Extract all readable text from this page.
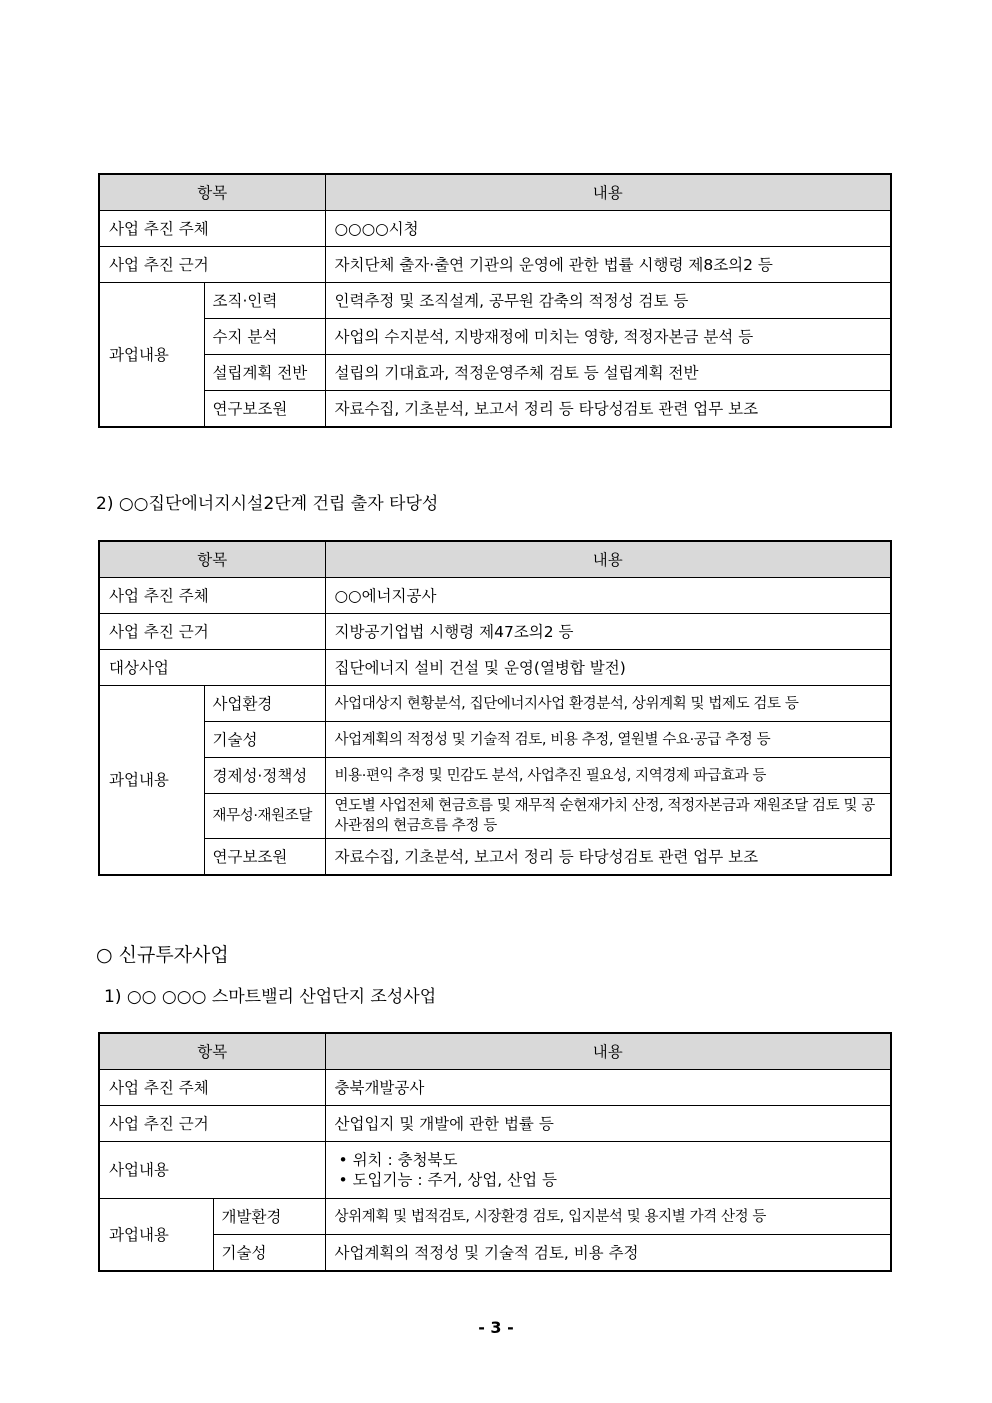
항목		내용
사업 추진 주체		○○○○시청
사업 추진 근거		자치단체 출자·출연 기관의 운영에 관한 법률 시행령 제8조의2 등
과업내용	조직·인력	인력추정 및 조직설계, 공무원 감축의 적정성 검토 등
	수지 분석	사업의 수지분석, 지방재정에 미치는 영향, 적정자본금 분석 등
	설립계획 전반	설립의 기대효과, 적정운영주체 검토 등 설립계획 전반
	연구보조원	자료수집, 기초분석, 보고서 정리 등 타당성검토 관련 업무 보조
2) ○○집단에너지시설2단계 건립 출자 타당성
항목		내용
사업 추진 주체		○○에너지공사
사업 추진 근거		지방공기업법 시행령 제47조의2 등
대상사업		집단에너지 설비 건설 및 운영(열병합 발전)
과업내용	사업환경	사업대상지 현황분석, 집단에너지사업 환경분석, 상위계획 및 법제도 검토 등
	기술성	사업계획의 적정성 및 기술적 검토, 비용 추정, 열원별 수요·공급 추정 등
	경제성·정책성	비용·편익 추정 및 민감도 분석, 사업추진 필요성, 지역경제 파급효과 등
	재무성·재원조달	연도별 사업전체 현금흐름 및 재무적 순현재가치 산정, 적정자본금과 재원조달 검토 및 공사관점의 현금흐름 추정 등
	연구보조원	자료수집, 기초분석, 보고서 정리 등 타당성검토 관련 업무 보조
○ 신규투자사업
1) ○○ ○○○ 스마트밸리 산업단지 조성사업
항목		내용
사업 추진 주체		충북개발공사
사업 추진 근거		산업입지 및 개발에 관한 법률 등
사업내용		• 위치 : 충청북도
• 도입기능 : 주거, 상업, 산업 등

과업내용	개발환경	상위계획 및 법적검토, 시장환경 검토, 입지분석 및 용지별 가격 산정 등
	기술성	사업계획의 적정성 및 기술적 검토, 비용 추정
- 3 -
